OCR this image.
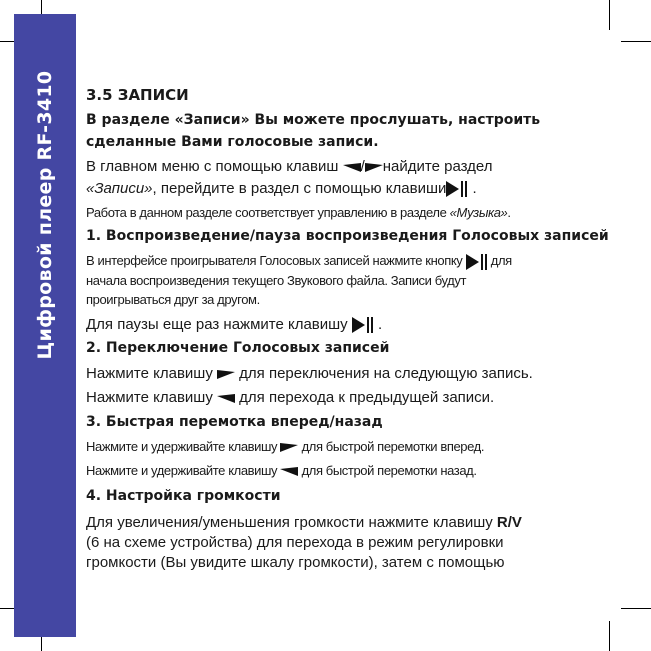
Цифровой плеер RF-3410 3.5 ЗАПИСИ
В разделе «Записи» Вы можете прослушать, настроить
сделанные Вами голосовые записи.
В главном меню с помощью клавиш / найдите раздел
«Записи», перейдите в раздел с помощью клавиши
.
Работа в данном разделе соответствует управлению в разделе «Музыка».
1. Воспроизведение/пауза воспроизведения Голосовых записей
В интерфейсе проигрывателя Голосовых записей нажмите кнопку
для
начала воспроизведения текущего Звукового файла. Записи будут
проигрываться друг за другом.
Для паузы еще раз нажмите клавишу
.
2. Переключение Голосовых записей
Нажмите клавишу  для переключения на следующую запись.
Нажмите клавишу  для перехода к предыдущей записи.
3. Быстрая перемотка вперед/назад
Нажмите и удерживайте клавишу  для быстрой перемотки вперед.
Нажмите и удерживайте клавишу  для быстрой перемотки назад.
4. Настройка громкости
Для увеличения/уменьшения громкости нажмите клавишу R/V
(6 на схеме устройства) для перехода в режим регулировки
громкости (Вы увидите шкалу громкости), затем с помощью
